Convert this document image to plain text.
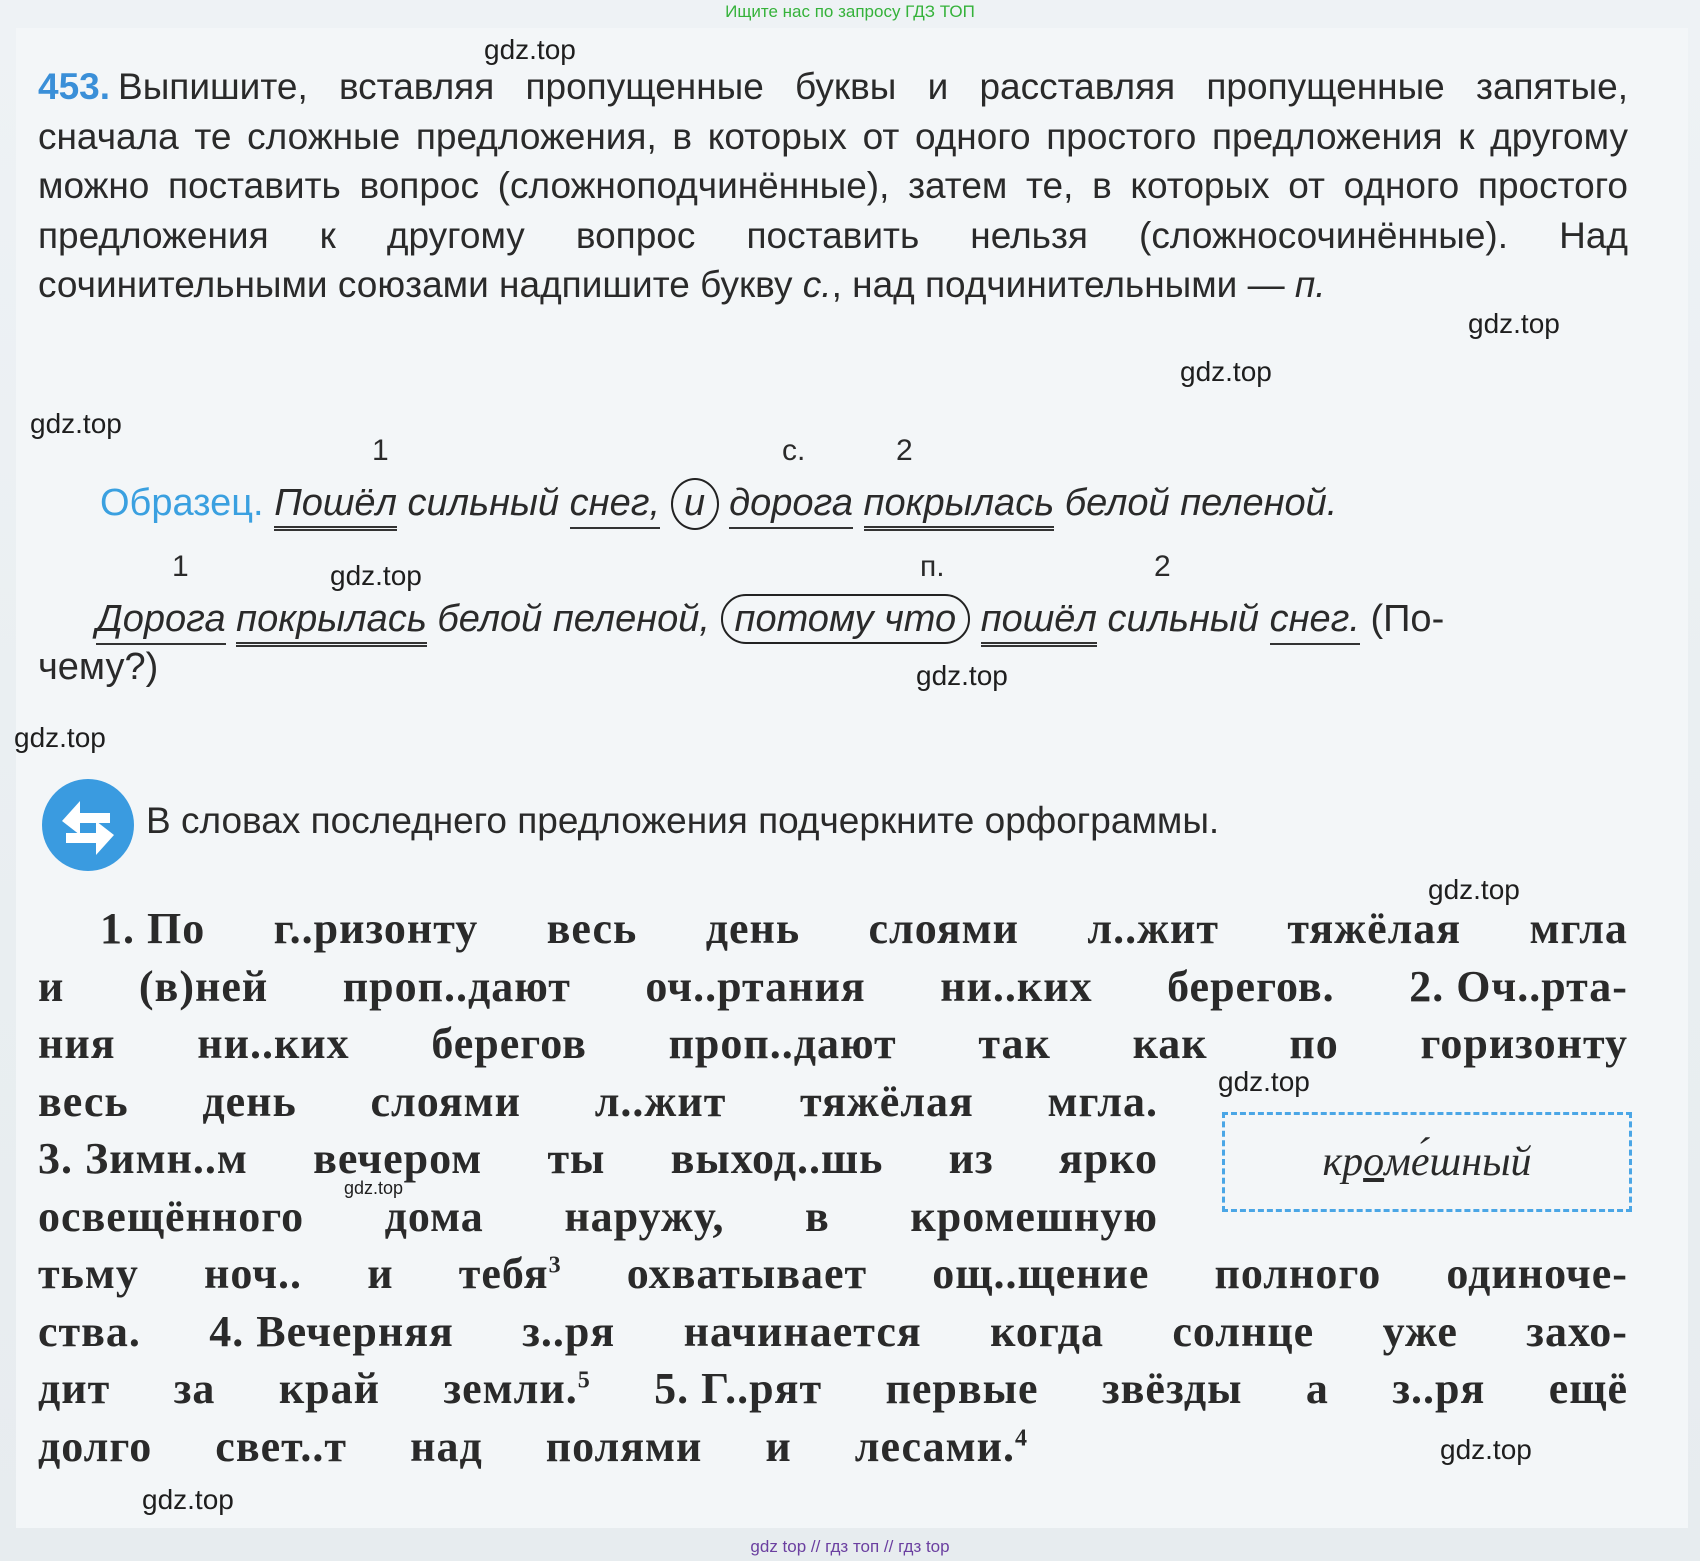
Ищите нас по запросу ГДЗ ТОП
gdz.top
gdz.top
gdz.top
gdz.top
gdz.top
gdz.top
gdz.top
gdz.top
gdz.top
gdz.top
gdz.top
gdz.top
453. Выпишите, вставляя пропущенные буквы и расставляя пропущенные запятые, сначала те сложные предложения, в которых от одного простого предложения к другому можно поставить вопрос (сложноподчинённые), затем те, в которых от одного простого предложения к другому вопрос поставить нельзя (сложносочинённые). Над сочинительными союзами надпишите букву с., над подчинительными — п.
1	с.	2
Образец. Пошёл сильный снег, и дорога покрылась белой пеленой.
1	п.	2
Дорога покрылась белой пеленой, потому что пошёл сильный снег. (По-
чему?)
В словах последнего предложения подчеркните орфограммы.
1. По г..ризонту весь день слоями л..жит тяжёлая мгла
и (в)ней проп..дают оч..ртания ни..ких берегов. 2. Оч..рта-
ния ни..ких берегов проп..дают так как по горизонту
весь день слоями л..жит тяжёлая мгла.
3. Зимн..м вечером ты выход..шь из ярко
освещённого дома наружу, в кромешную
тьму ноч.. и тебя$^3$ охватывает ощ..щение полного одиноче-
ства. 4. Вечерняя з..ря начинается когда солнце уже захо-
дит за край земли.$^5$ 5. Г..рят первые звёзды а з..ря ещё
долго свет..т над полями и лесами.$^4$
кр о ме́шный
gdz top // гдз топ // гдз top
